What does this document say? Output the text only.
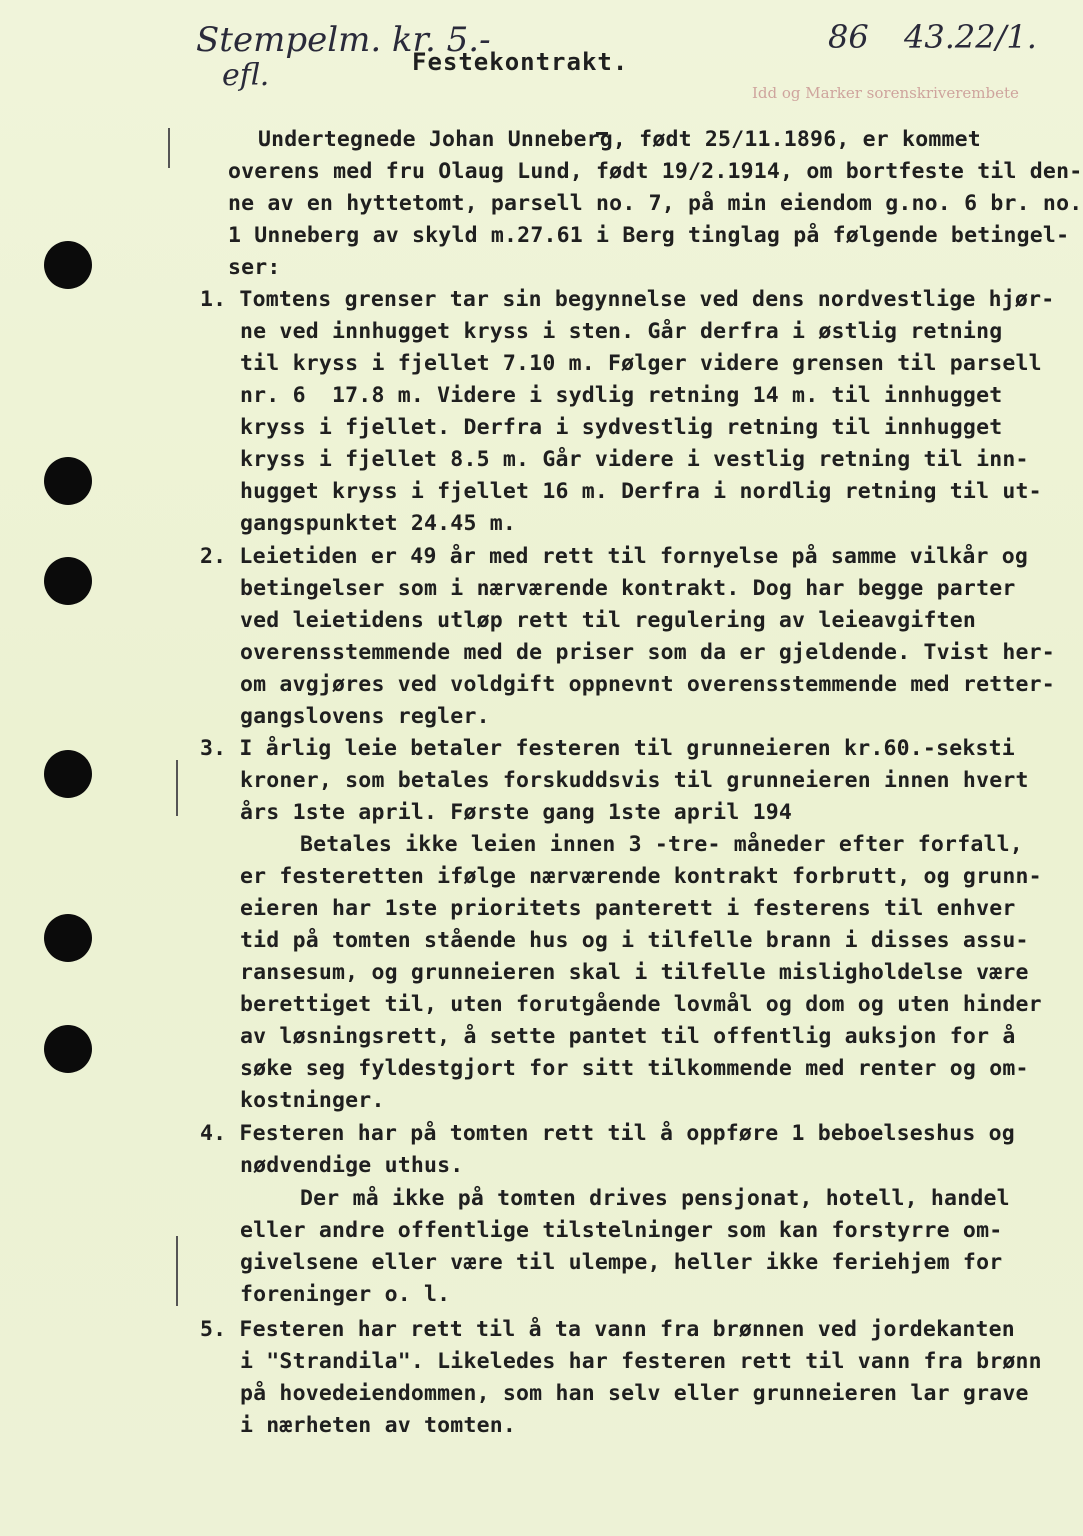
Stempelm. kr. 5.-
efl.	Festekontrakt.
86 43.22/1.
Idd og Marker sorenskriverembete
Undertegnede Johan Unneberg, født 25/11.1896, er kommet
overens med fru Olaug Lund, født 19/2.1914, om bortfeste til den-
ne av en hyttetomt, parsell no. 7, på min eiendom g.no. 6 br. no.
1 Unneberg av skyld m.27.61 i Berg tinglag på følgende betingel-
ser:
1. Tomtens grenser tar sin begynnelse ved dens nordvestlige hjør-
ne ved innhugget kryss i sten. Går derfra i østlig retning
til kryss i fjellet 7.10 m. Følger videre grensen til parsell
nr. 6  17.8 m. Videre i sydlig retning 14 m. til innhugget
kryss i fjellet. Derfra i sydvestlig retning til innhugget
kryss i fjellet 8.5 m. Går videre i vestlig retning til inn-
hugget kryss i fjellet 16 m. Derfra i nordlig retning til ut-
gangspunktet 24.45 m.
2. Leietiden er 49 år med rett til fornyelse på samme vilkår og
betingelser som i nærværende kontrakt. Dog har begge parter
ved leietidens utløp rett til regulering av leieavgiften
overensstemmende med de priser som da er gjeldende. Tvist her-
om avgjøres ved voldgift oppnevnt overensstemmende med retter-
gangslovens regler.
3. I årlig leie betaler festeren til grunneieren kr.60.-seksti
kroner, som betales forskuddsvis til grunneieren innen hvert
års 1ste april. Første gang 1ste april 194
Betales ikke leien innen 3 -tre- måneder efter forfall,
er festeretten ifølge nærværende kontrakt forbrutt, og grunn-
eieren har 1ste prioritets panterett i festerens til enhver
tid på tomten stående hus og i tilfelle brann i disses assu-
ransesum, og grunneieren skal i tilfelle misligholdelse være
berettiget til, uten forutgående lovmål og dom og uten hinder
av løsningsrett, å sette pantet til offentlig auksjon for å
søke seg fyldestgjort for sitt tilkommende med renter og om-
kostninger.
4. Festeren har på tomten rett til å oppføre 1 beboelseshus og
nødvendige uthus.
Der må ikke på tomten drives pensjonat, hotell, handel
eller andre offentlige tilstelninger som kan forstyrre om-
givelsene eller være til ulempe, heller ikke feriehjem for
foreninger o. l.
5. Festeren har rett til å ta vann fra brønnen ved jordekanten
i "Strandila". Likeledes har festeren rett til vann fra brønn
på hovedeiendommen, som han selv eller grunneieren lar grave
i nærheten av tomten.
